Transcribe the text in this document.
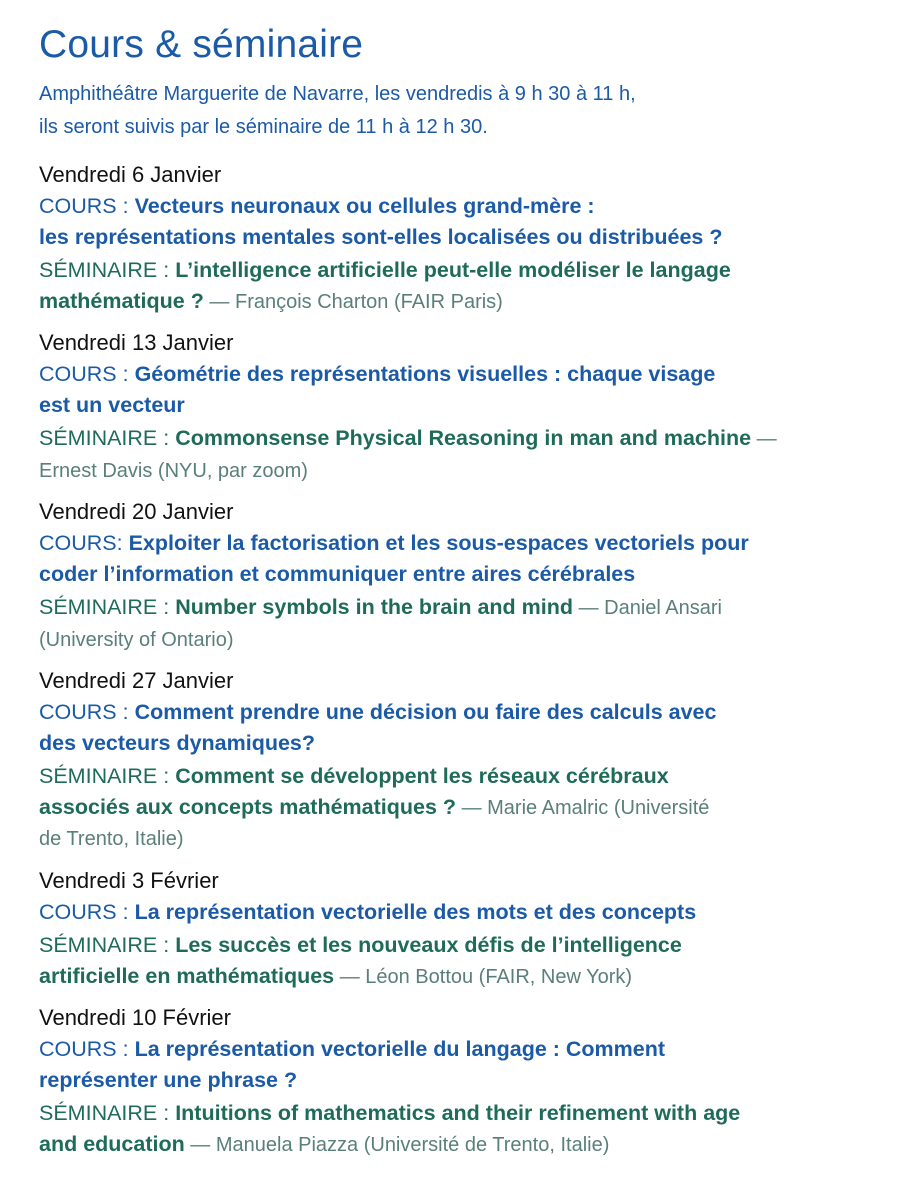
Cours & séminaire

Amphithéâtre Marguerite de Navarre, les vendredis à 9 h 30 à 11 h,
ils seront suivis par le séminaire de 11 h à 12 h 30.

Vendredi 6 Janvier
COURS : Vecteurs neuronaux ou cellules grand-mère :
les représentations mentales sont-elles localisées ou distribuées ?
SÉMINAIRE : L’intelligence artificielle peut-elle modéliser le langage
mathématique ? — François Charton (FAIR Paris)
Vendredi 13 Janvier
COURS : Géométrie des représentations visuelles : chaque visage
est un vecteur
SÉMINAIRE : Commonsense Physical Reasoning in man and machine —
Ernest Davis (NYU, par zoom)
Vendredi 20 Janvier
COURS: Exploiter la factorisation et les sous-espaces vectoriels pour
coder l’information et communiquer entre aires cérébrales
SÉMINAIRE : Number symbols in the brain and mind — Daniel Ansari
(University of Ontario)
Vendredi 27 Janvier
COURS : Comment prendre une décision ou faire des calculs avec
des vecteurs dynamiques?
SÉMINAIRE : Comment se développent les réseaux cérébraux
associés aux concepts mathématiques ? — Marie Amalric (Université
de Trento, Italie)
Vendredi 3 Février
COURS : La représentation vectorielle des mots et des concepts
SÉMINAIRE : Les succès et les nouveaux défis de l’intelligence
artificielle en mathématiques — Léon Bottou (FAIR, New York)
Vendredi 10 Février
COURS : La représentation vectorielle du langage : Comment
représenter une phrase ?
SÉMINAIRE : Intuitions of mathematics and their refinement with age
and education — Manuela Piazza (Université de Trento, Italie)
